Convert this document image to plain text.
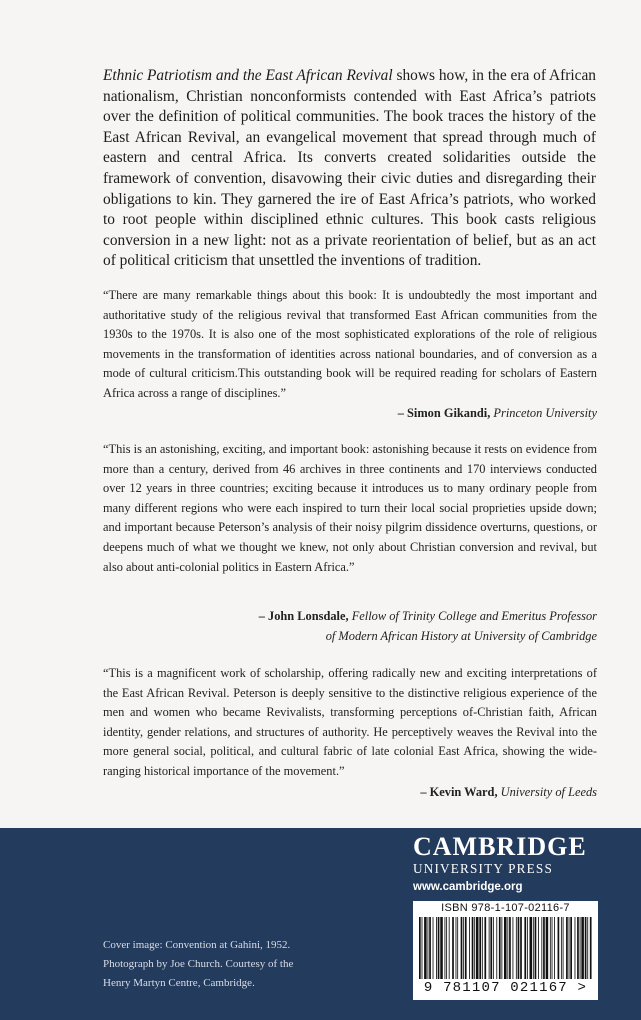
Ethnic Patriotism and the East African Revival shows how, in the era of African nationalism, Christian nonconformists contended with East Africa’s patriots over the definition of political communities. The book traces the history of the East African Revival, an evangelical movement that spread through much of eastern and central Africa. Its converts created solidarities outside the framework of convention, disavowing their civic duties and disregarding their obligations to kin. They garnered the ire of East Africa’s patriots, who worked to root people within disciplined ethnic cultures. This book casts religious conversion in a new light: not as a private reorientation of belief, but as an act of political criticism that unsettled the inventions of tradition.
“There are many remarkable things about this book: It is undoubtedly the most important and authoritative study of the religious revival that transformed East African communities from the 1930s to the 1970s. It is also one of the most sophisticated explorations of the role of religious movements in the transformation of identities across national boundaries, and of conversion as a mode of cultural criticism.This outstanding book will be required reading for scholars of Eastern Africa across a range of disciplines.”
– Simon Gikandi, Princeton University
“This is an astonishing, exciting, and important book: astonishing because it rests on evidence from more than a century, derived from 46 archives in three continents and 170 interviews conducted over 12 years in three countries; exciting because it introduces us to many ordinary people from many different regions who were each inspired to turn their local social proprieties upside down; and important because Peterson’s analysis of their noisy pilgrim dissidence overturns, questions, or deepens much of what we thought we knew, not only about Christian conversion and revival, but also about anti-colonial politics in Eastern Africa.”
– John Lonsdale, Fellow of Trinity College and Emeritus Professor
of Modern African History at University of Cambridge
“This is a magnificent work of scholarship, offering radically new and exciting interpretations of the East African Revival. Peterson is deeply sensitive to the distinctive religious experience of the men and women who became Revivalists, transforming perceptions of-Christian faith, African identity, gender relations, and structures of authority. He perceptively weaves the Revival into the more general social, political, and cultural fabric of late colonial East Africa, showing the wide-ranging historical importance of the movement.”
– Kevin Ward, University of Leeds
Cover image: Convention at Gahini, 1952.
Photograph by Joe Church. Courtesy of the
Henry Martyn Centre, Cambridge.
CAMBRIDGE
UNIVERSITY PRESS
www.cambridge.org
ISBN 978-1-107-02116-7
9 781107 021167 >
